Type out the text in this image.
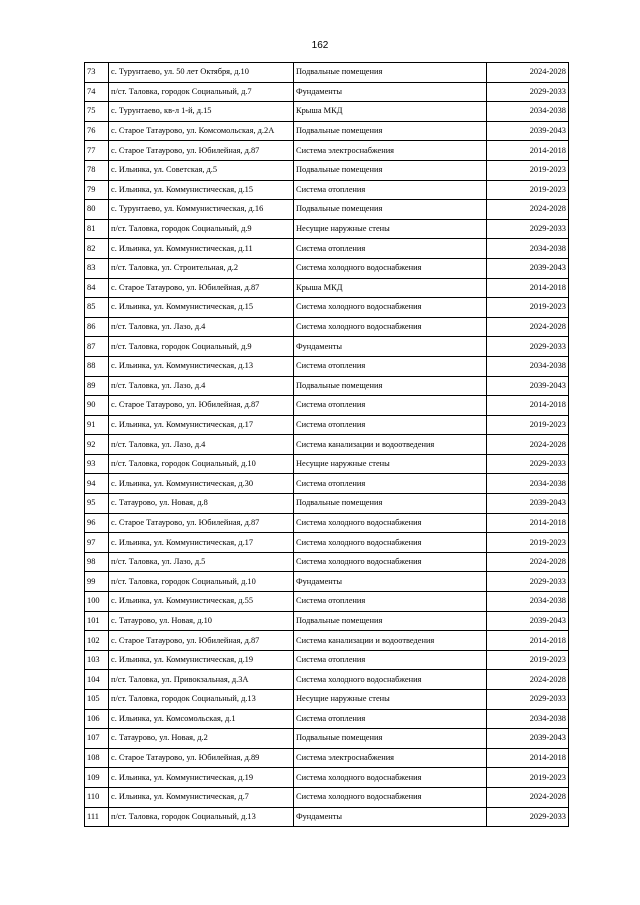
162
73	с. Турунтаево, ул. 50 лет Октября, д.10	Подвальные помещения	2024-2028
74	п/ст. Таловка, городок Социальный, д.7	Фундаменты	2029-2033
75	с. Турунтаево, кв-л 1-й, д.15	Крыша МКД	2034-2038
76	с. Старое Татаурово, ул. Комсомольская, д.2А	Подвальные помещения	2039-2043
77	с. Старое Татаурово, ул. Юбилейная, д.87	Система электроснабжения	2014-2018
78	с. Ильинка, ул. Советская, д.5	Подвальные помещения	2019-2023
79	с. Ильинка, ул. Коммунистическая, д.15	Система отопления	2019-2023
80	с. Турунтаево, ул. Коммунистическая, д.16	Подвальные помещения	2024-2028
81	п/ст. Таловка, городок Социальный, д.9	Несущие наружные стены	2029-2033
82	с. Ильинка, ул. Коммунистическая, д.11	Система отопления	2034-2038
83	п/ст. Таловка, ул. Строительная, д.2	Система холодного водоснабжения	2039-2043
84	с. Старое Татаурово, ул. Юбилейная, д.87	Крыша МКД	2014-2018
85	с. Ильинка, ул. Коммунистическая, д.15	Система холодного водоснабжения	2019-2023
86	п/ст. Таловка, ул. Лазо, д.4	Система холодного водоснабжения	2024-2028
87	п/ст. Таловка, городок Социальный, д.9	Фундаменты	2029-2033
88	с. Ильинка, ул. Коммунистическая, д.13	Система отопления	2034-2038
89	п/ст. Таловка, ул. Лазо, д.4	Подвальные помещения	2039-2043
90	с. Старое Татаурово, ул. Юбилейная, д.87	Система отопления	2014-2018
91	с. Ильинка, ул. Коммунистическая, д.17	Система отопления	2019-2023
92	п/ст. Таловка, ул. Лазо, д.4	Система канализации и водоотведения	2024-2028
93	п/ст. Таловка, городок Социальный, д.10	Несущие наружные стены	2029-2033
94	с. Ильинка, ул. Коммунистическая, д.30	Система отопления	2034-2038
95	с. Татаурово, ул. Новая, д.8	Подвальные помещения	2039-2043
96	с. Старое Татаурово, ул. Юбилейная, д.87	Система холодного водоснабжения	2014-2018
97	с. Ильинка, ул. Коммунистическая, д.17	Система холодного водоснабжения	2019-2023
98	п/ст. Таловка, ул. Лазо, д.5	Система холодного водоснабжения	2024-2028
99	п/ст. Таловка, городок Социальный, д.10	Фундаменты	2029-2033
100	с. Ильинка, ул. Коммунистическая, д.55	Система отопления	2034-2038
101	с. Татаурово, ул. Новая, д.10	Подвальные помещения	2039-2043
102	с. Старое Татаурово, ул. Юбилейная, д.87	Система канализации и водоотведения	2014-2018
103	с. Ильинка, ул. Коммунистическая, д.19	Система отопления	2019-2023
104	п/ст. Таловка, ул. Привокзальная, д.3А	Система холодного водоснабжения	2024-2028
105	п/ст. Таловка, городок Социальный, д.13	Несущие наружные стены	2029-2033
106	с. Ильинка, ул. Комсомольская, д.1	Система отопления	2034-2038
107	с. Татаурово, ул. Новая, д.2	Подвальные помещения	2039-2043
108	с. Старое Татаурово, ул. Юбилейная, д.89	Система электроснабжения	2014-2018
109	с. Ильинка, ул. Коммунистическая, д.19	Система холодного водоснабжения	2019-2023
110	с. Ильинка, ул. Коммунистическая, д.7	Система холодного водоснабжения	2024-2028
111	п/ст. Таловка, городок Социальный, д.13	Фундаменты	2029-2033
